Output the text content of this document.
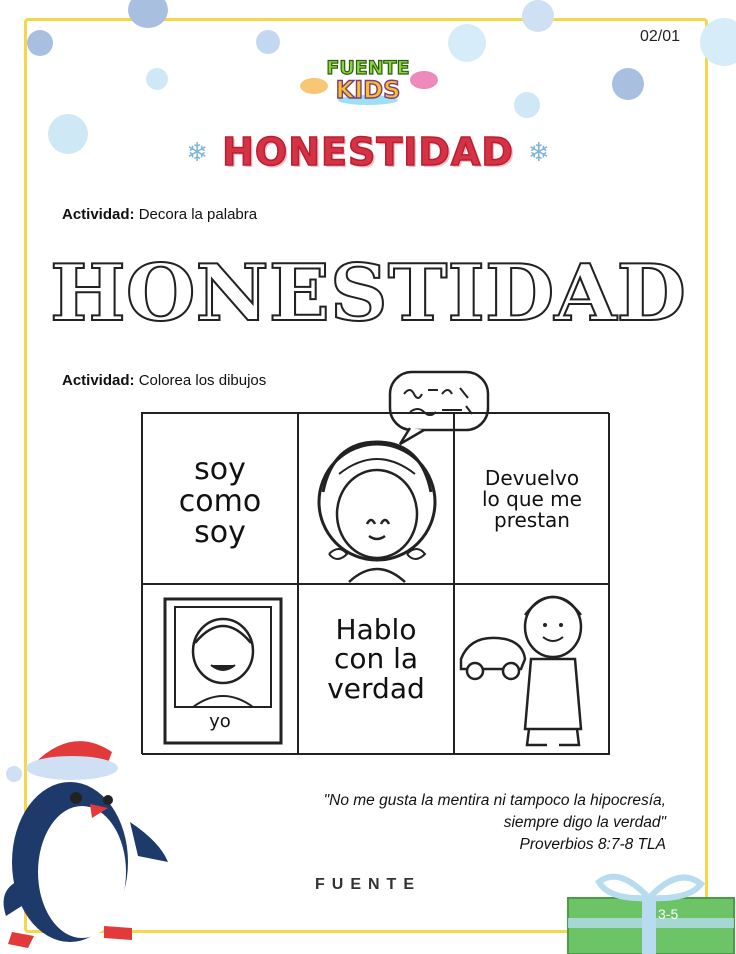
02/01
FUENTE
KIDS
❄ HONESTIDAD ❄
Actividad: Decora la palabra
HONESTIDAD
Actividad: Colorea los dibujos
soy
como
soy
Devuelvo
lo que me
prestan
yo
Hablo
con la
verdad
"No me gusta la mentira ni tampoco la hipocresía,
siempre digo la verdad"
Proverbios 8:7-8 TLA
FUENTE
3-5
